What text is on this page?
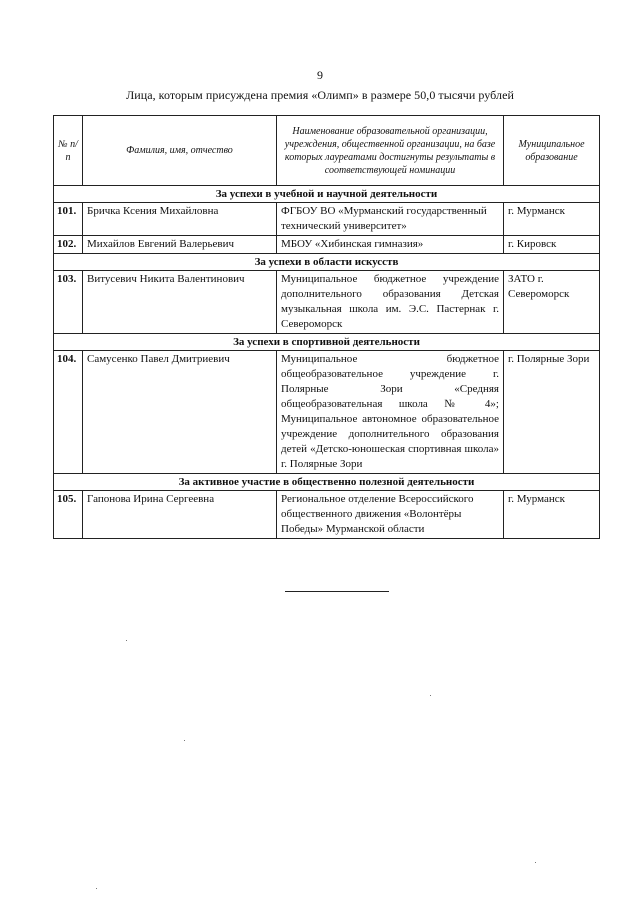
9
Лица, которым присуждена премия «Олимп» в размере 50,0 тысячи рублей
№ п/п	Фамилия, имя, отчество	Наименование образовательной организации, учреждения, общественной организации, на базе которых лауреатами достигнуты результаты в соответствующей номинации	Муниципальное образование
За успехи в учебной и научной деятельности			
101.	Бричка Ксения Михайловна	ФГБОУ ВО «Мурманский государственный технический университет»	г. Мурманск
102.	Михайлов Евгений Валерьевич	МБОУ «Хибинская гимназия»	г. Кировск
За успехи в области искусств			
103.	Витусевич Никита Валентинович	Муниципальное бюджетное учреждение дополнительного образования Детская музыкальная школа им. Э.С. Пастернак г. Североморск	ЗАТО г. Североморск
За успехи в спортивной деятельности			
104.	Самусенко Павел Дмитриевич	Муниципальное бюджетное общеобразовательное учреждение г. Полярные Зори «Средняя общеобразовательная школа № 4»; Муниципальное автономное образовательное учреждение дополнительного образования детей «Детско-юношеская спортивная школа» г. Полярные Зори	г. Полярные Зори
За активное участие в общественно полезной деятельности			
105.	Гапонова Ирина Сергеевна	Региональное отделение Всероссийского общественного движения «Волонтёры Победы» Мурманской области	г. Мурманск
